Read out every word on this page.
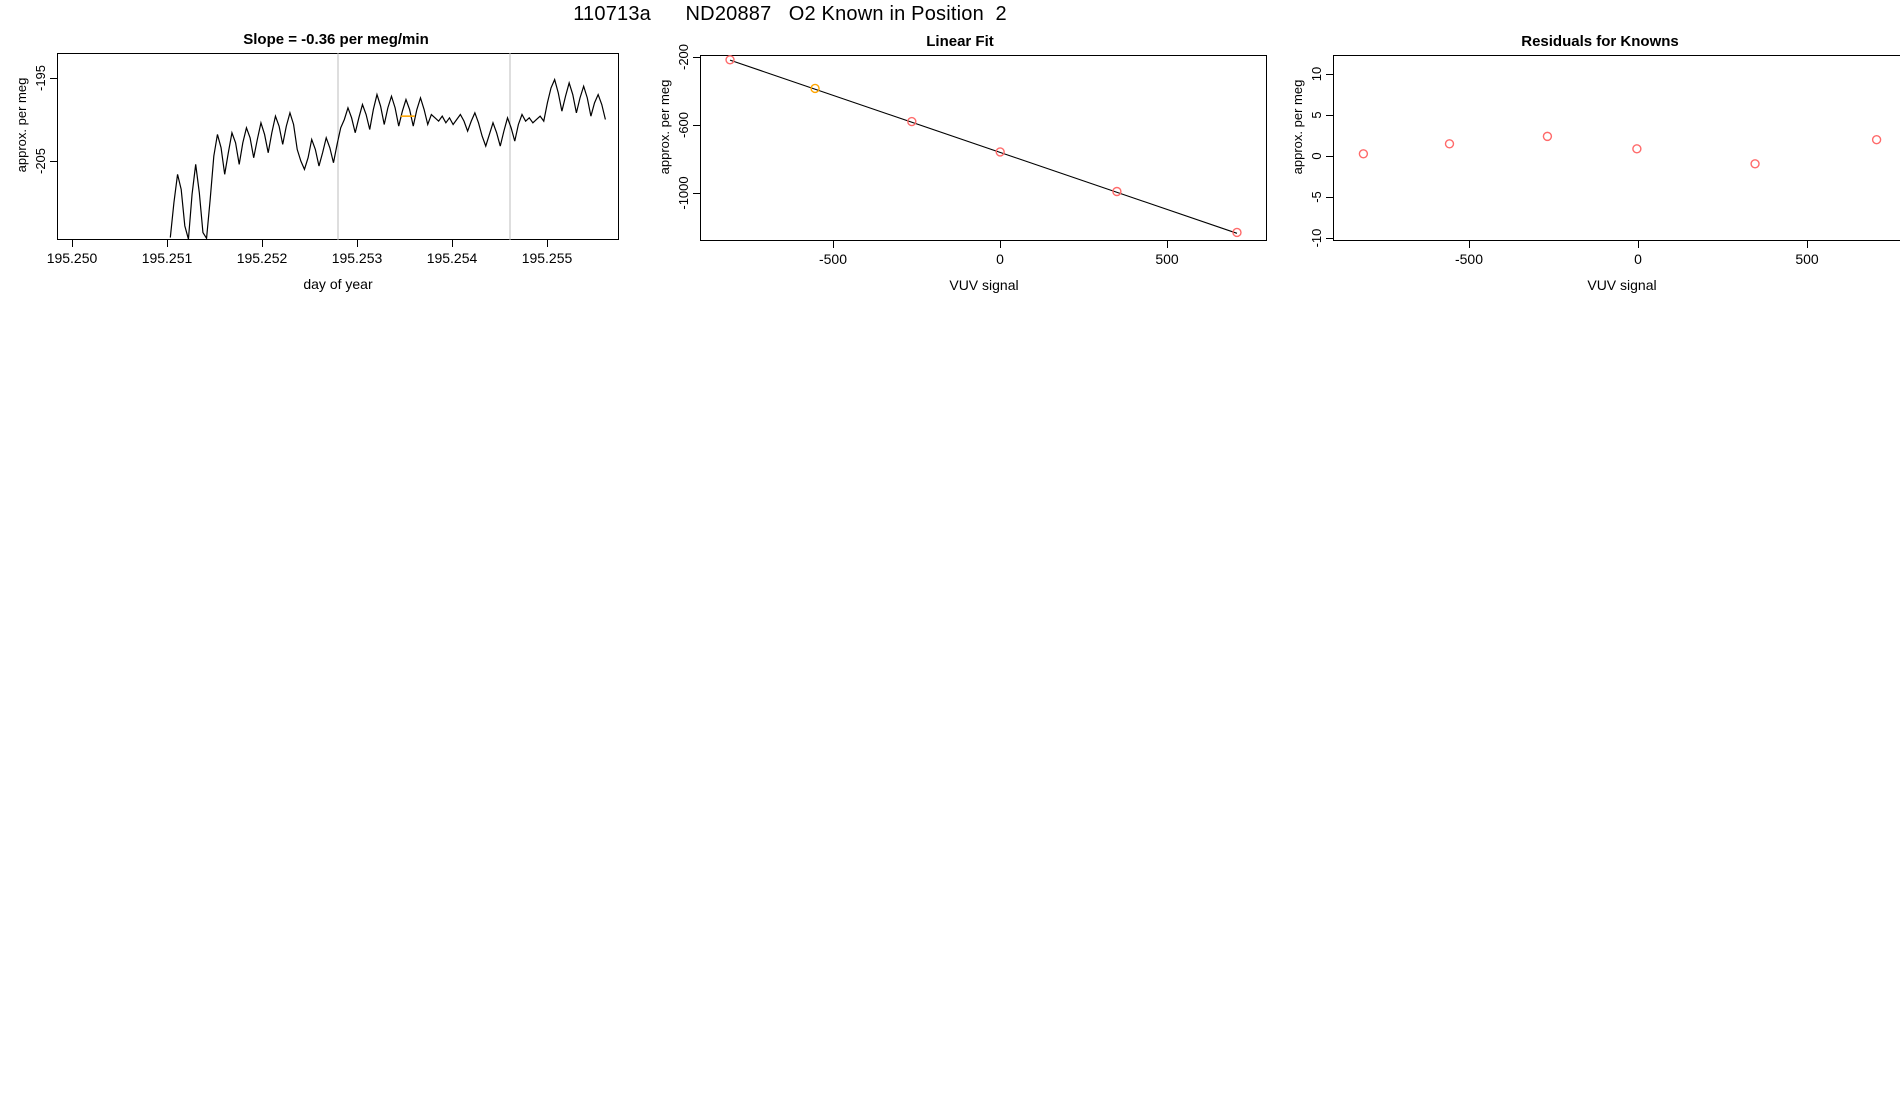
110713a      ND20887   O2 Known in Position  2
Slope = -0.36 per meg/min
195.250	195.251	195.252	195.253	195.254	195.255
day of year
-195
-205
approx. per meg
Linear Fit
-500	0	500
VUV signal
-1000
-600
-200
approx. per meg
Residuals for Knowns
-500	0	500
VUV signal
-10
-5
0
5
10
approx. per meg
